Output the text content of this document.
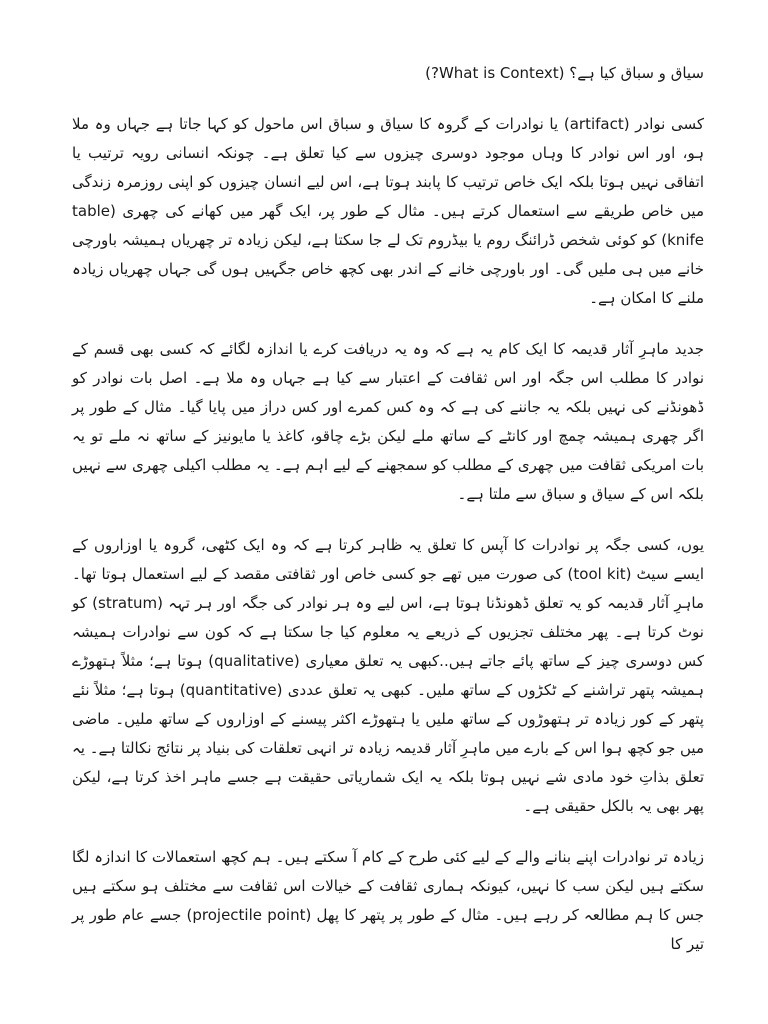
سیاق و سباق کیا ہے؟ (What is Context?)

کسی نوادر (artifact) یا نوادرات کے گروہ کا سیاق و سباق اس ماحول کو کہا جاتا ہے جہاں وہ ملا ہو، اور اس نوادر کا وہاں موجود دوسری چیزوں سے کیا تعلق ہے۔ چونکہ انسانی رویہ ترتیب یا اتفاقی نہیں ہوتا بلکہ ایک خاص ترتیب کا پابند ہوتا ہے، اس لیے انسان چیزوں کو اپنی روزمرہ زندگی میں خاص طریقے سے استعمال کرتے ہیں۔ مثال کے طور پر، ایک گھر میں کھانے کی چھری (table knife) کو کوئی شخص ڈرائنگ روم یا بیڈروم تک لے جا سکتا ہے، لیکن زیادہ تر چھریاں ہمیشہ باورچی خانے میں ہی ملیں گی۔ اور باورچی خانے کے اندر بھی کچھ خاص جگہیں ہوں گی جہاں چھریاں زیادہ ملنے کا امکان ہے۔

جدید ماہرِ آثار قدیمہ کا ایک کام یہ ہے کہ وہ یہ دریافت کرے یا اندازہ لگائے کہ کسی بھی قسم کے نوادر کا مطلب اس جگہ اور اس ثقافت کے اعتبار سے کیا ہے جہاں وہ ملا ہے۔ اصل بات نوادر کو ڈھونڈنے کی نہیں بلکہ یہ جاننے کی ہے کہ وہ کس کمرے اور کس دراز میں پایا گیا۔ مثال کے طور پر اگر چھری ہمیشہ چمچ اور کانٹے کے ساتھ ملے لیکن بڑے چاقو، کاغذ یا مایونیز کے ساتھ نہ ملے تو یہ بات امریکی ثقافت میں چھری کے مطلب کو سمجھنے کے لیے اہم ہے۔ یہ مطلب اکیلی چھری سے نہیں بلکہ اس کے سیاق و سباق سے ملتا ہے۔

یوں، کسی جگہ پر نوادرات کا آپس کا تعلق یہ ظاہر کرتا ہے کہ وہ ایک کٹھی، گروہ یا اوزاروں کے ایسے سیٹ (tool kit) کی صورت میں تھے جو کسی خاص اور ثقافتی مقصد کے لیے استعمال ہوتا تھا۔ ماہرِ آثار قدیمہ کو یہ تعلق ڈھونڈنا ہوتا ہے، اس لیے وہ ہر نوادر کی جگہ اور ہر تہہ (stratum) کو نوٹ کرتا ہے۔ پھر مختلف تجزیوں کے ذریعے یہ معلوم کیا جا سکتا ہے کہ کون سے نوادرات ہمیشہ کس دوسری چیز کے ساتھ پائے جاتے ہیں..کبھی یہ تعلق معیاری (qualitative) ہوتا ہے؛ مثلاً ہتھوڑے ہمیشہ پتھر تراشنے کے ٹکڑوں کے ساتھ ملیں۔ کبھی یہ تعلق عددی (quantitative) ہوتا ہے؛ مثلاً نئے پتھر کے کور زیادہ تر ہتھوڑوں کے ساتھ ملیں یا ہتھوڑے اکثر پیسنے کے اوزاروں کے ساتھ ملیں۔ ماضی میں جو کچھ ہوا اس کے بارے میں ماہرِ آثار قدیمہ زیادہ تر انہی تعلقات کی بنیاد پر نتائج نکالتا ہے۔ یہ تعلق بذاتِ خود مادی شے نہیں ہوتا بلکہ یہ ایک شماریاتی حقیقت ہے جسے ماہر اخذ کرتا ہے، لیکن پھر بھی یہ بالکل حقیقی ہے۔

زیادہ تر نوادرات اپنے بنانے والے کے لیے کئی طرح کے کام آ سکتے ہیں۔ ہم کچھ استعمالات کا اندازہ لگا سکتے ہیں لیکن سب کا نہیں، کیونکہ ہماری ثقافت کے خیالات اس ثقافت سے مختلف ہو سکتے ہیں جس کا ہم مطالعہ کر رہے ہیں۔ مثال کے طور پر پتھر کا پھل (projectile point) جسے عام طور پر تیر کا
